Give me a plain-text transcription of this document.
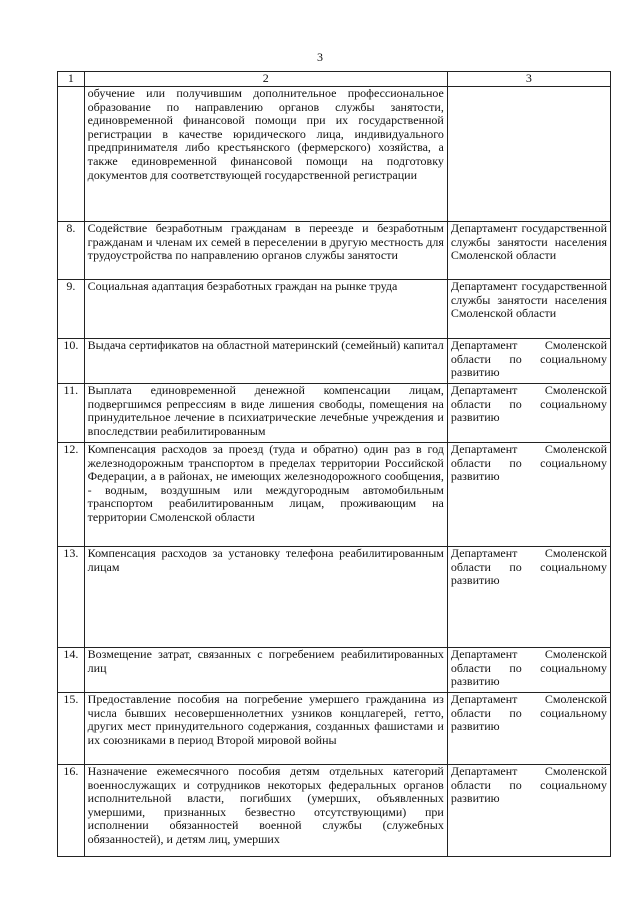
3
1	2	3
	обучение или получившим дополнительное профессиональное образование по направлению органов службы занятости, единовременной финансовой помощи при их государственной регистрации в качестве юридического лица, индивидуального предпринимателя либо крестьянского (фермерского) хозяйства, а также единовременной финансовой помощи на подготовку документов для соответствующей государственной регистрации	
8.	Содействие безработным гражданам в переезде и безработным гражданам и членам их семей в переселении в другую местность для трудоустройства по направлению органов службы занятости	Департамент государственной службы занятости населения Смоленской области
9.	Социальная адаптация безработных граждан на рынке труда	Департамент государственной службы занятости населения Смоленской области
10.	Выдача сертификатов на областной материнский (семейный) капитал	Департамент Смоленской области по социальному развитию
11.	Выплата единовременной денежной компенсации лицам, подвергшимся репрессиям в виде лишения свободы, помещения на принудительное лечение в психиатрические лечебные учреждения и впоследствии реабилитированным	Департамент Смоленской области по социальному развитию
12.	Компенсация расходов за проезд (туда и обратно) один раз в год железнодорожным транспортом в пределах территории Российской Федерации, а в районах, не имеющих железнодорожного сообщения, - водным, воздушным или междугородным автомобильным транспортом реабилитированным лицам, проживающим на территории Смоленской области	Департамент Смоленской области по социальному развитию
13.	Компенсация расходов за установку телефона реабилитированным лицам	Департамент Смоленской области по социальному развитию
14.	Возмещение затрат, связанных с погребением реабилитированных лиц	Департамент Смоленской области по социальному развитию
15.	Предоставление пособия на погребение умершего гражданина из числа бывших несовершеннолетних узников концлагерей, гетто, других мест принудительного содержания, созданных фашистами и их союзниками в период Второй мировой войны	Департамент Смоленской области по социальному развитию
16.	Назначение ежемесячного пособия детям отдельных категорий военнослужащих и сотрудников некоторых федеральных органов исполнительной власти, погибших (умерших, объявленных умершими, признанных безвестно отсутствующими) при исполнении обязанностей военной службы (служебных обязанностей), и детям лиц, умерших	Департамент Смоленской области по социальному развитию
